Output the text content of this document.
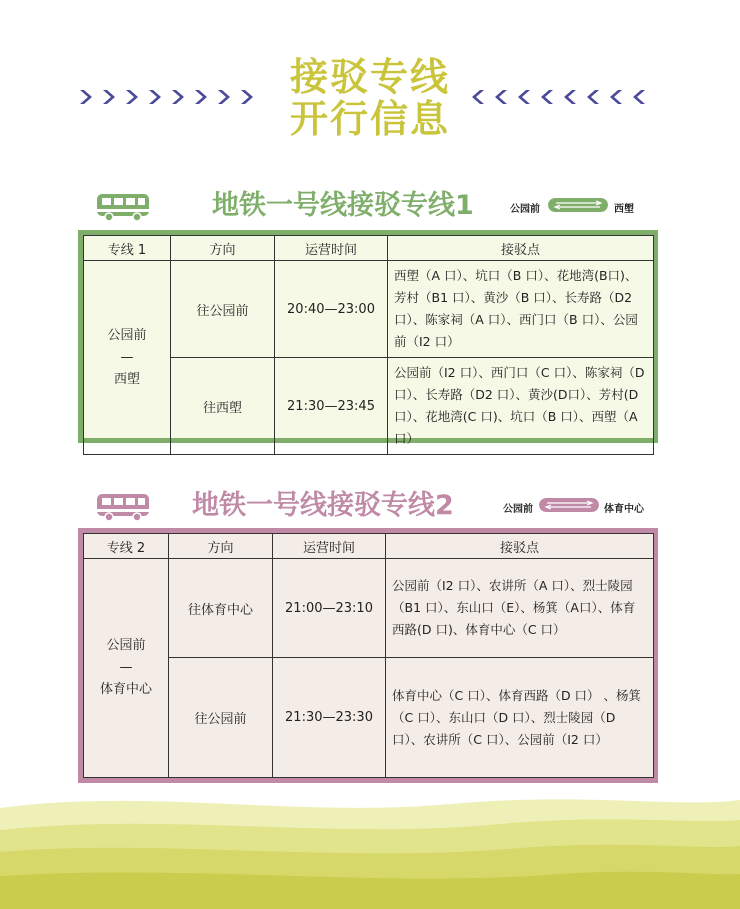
接驳专线
开行信息
地铁一号线接驳专线1	公园前	西塱
专线 1	方向	运营时间	接驳点

公园前
—
西塱	往公园前	20:40—23:00	西塱（A 口）、坑口（B 口）、花地湾(B口)、芳村（B1 口）、黄沙（B 口）、长寿路（D2 口）、陈家祠（A 口）、西门口（B 口）、公园前（I2 口）
	往西塱	21:30—23:45	公园前（I2 口）、西门口（C 口）、陈家祠（D 口）、长寿路（D2 口）、黄沙(D口）、芳村(D 口）、花地湾(C 口)、坑口（B 口）、西塱（A 口）
地铁一号线接驳专线2	公园前	体育中心
专线 2	方向	运营时间	接驳点

公园前
—
体育中心	往体育中心	21:00—23:10	公园前（I2 口）、农讲所（A 口）、烈士陵园（B1 口）、东山口（E）、杨箕（A口）、体育西路(D 口)、体育中心（C 口）
	往公园前	21:30—23:30	体育中心（C 口）、体育西路（D 口） 、杨箕（C 口）、东山口（D 口）、烈士陵园（D 口）、农讲所（C 口）、公园前（I2 口）
